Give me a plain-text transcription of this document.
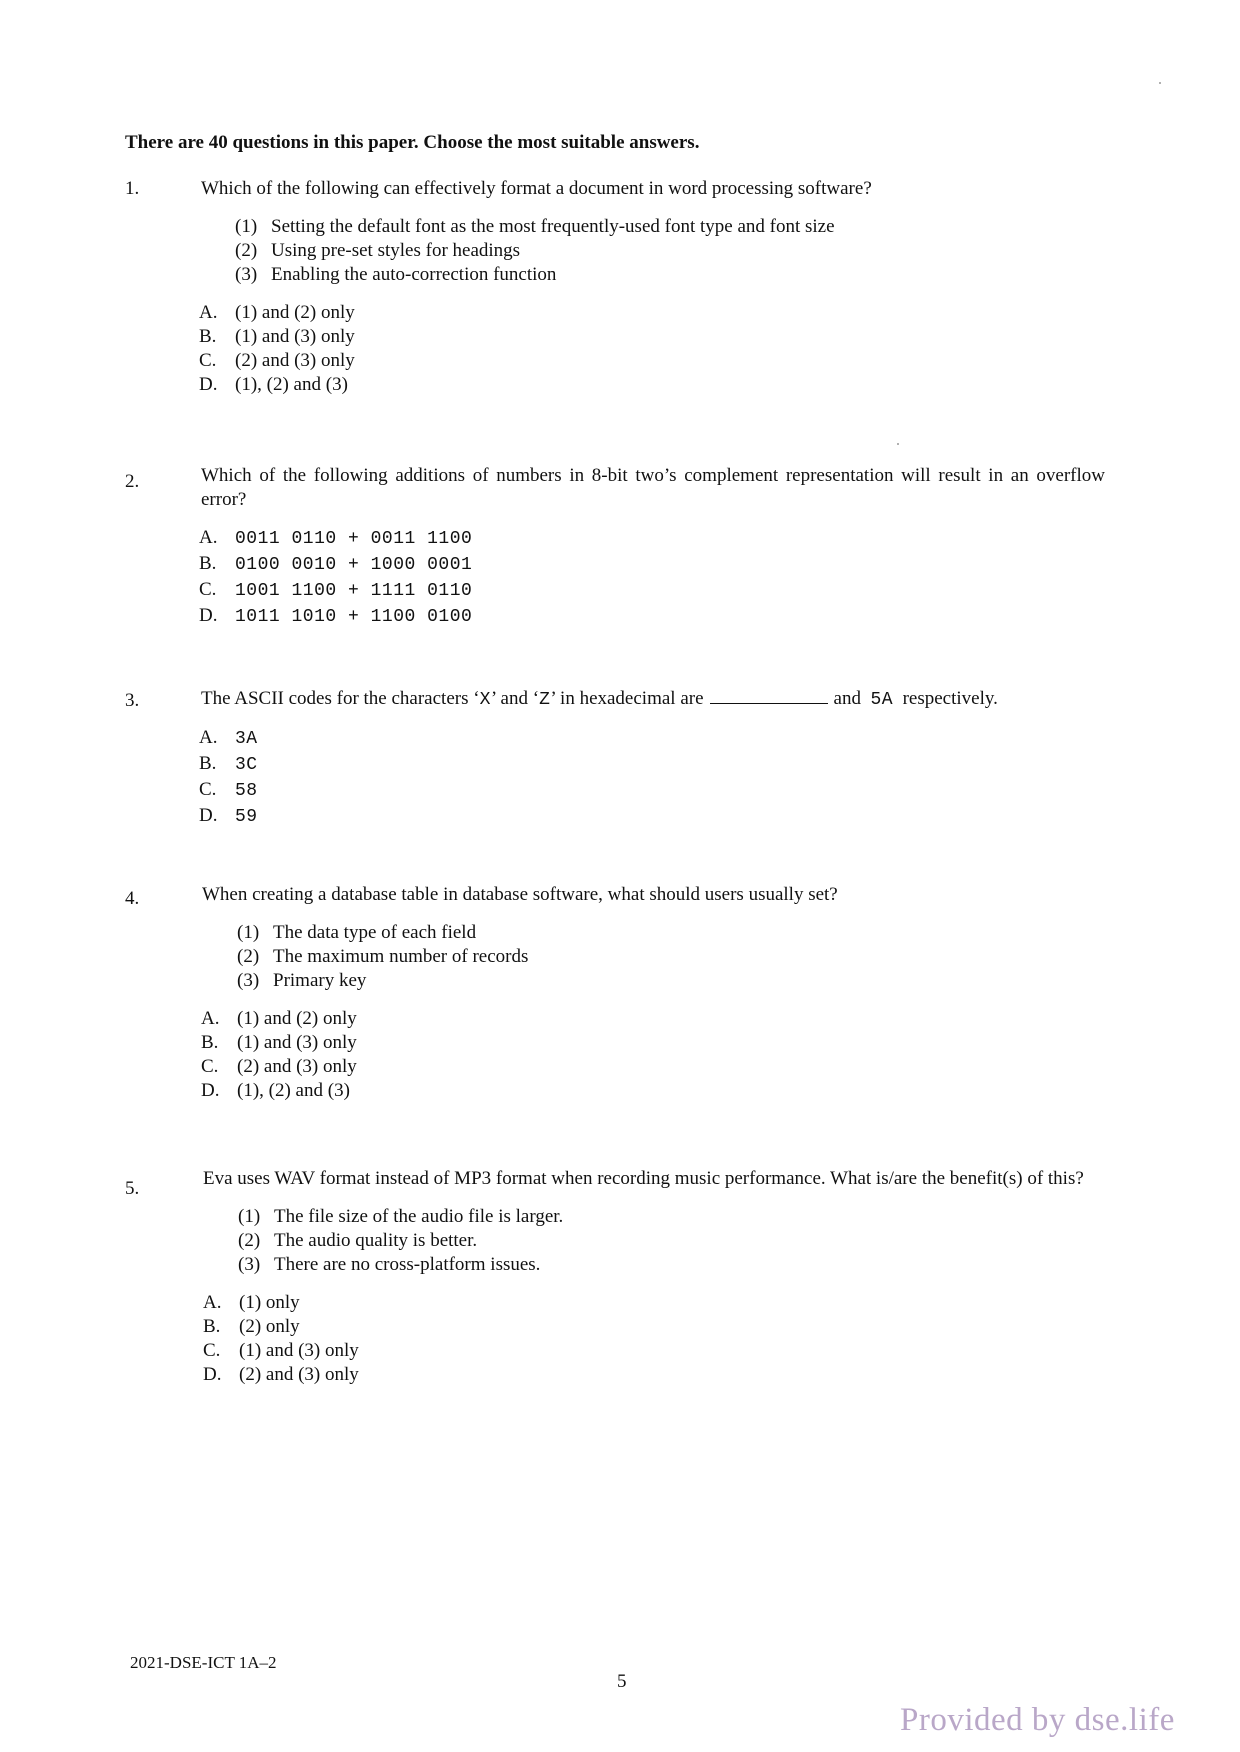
There are 40 questions in this paper. Choose the most suitable answers.
1.	Which of the following can effectively format a document in word processing software?
(1) Setting the default font as the most frequently-used font type and font size
(2) Using pre-set styles for headings
(3) Enabling the auto-correction function
A. (1) and (2) only
B. (1) and (3) only
C. (2) and (3) only
D. (1), (2) and (3)
2.	Which of the following additions of numbers in 8-bit two’s complement representation will result in an overflow error?
A. 0011 0110 + 0011 1100
B. 0100 0010 + 1000 0001
C. 1001 1100 + 1111 0110
D. 1011 1010 + 1100 0100
3.	The ASCII codes for the characters ‘X’ and ‘Z’ in hexadecimal are	and 5A respectively.
A. 3A
B. 3C
C. 58
D. 59
4.	When creating a database table in database software, what should users usually set?
(1) The data type of each field
(2) The maximum number of records
(3) Primary key
A. (1) and (2) only
B. (1) and (3) only
C. (2) and (3) only
D. (1), (2) and (3)
5.	Eva uses WAV format instead of MP3 format when recording music performance. What is/are the benefit(s) of this?
(1) The file size of the audio file is larger.
(2) The audio quality is better.
(3) There are no cross-platform issues.
A. (1) only
B. (2) only
C. (1) and (3) only
D. (2) and (3) only
2021-DSE-ICT 1A–2
5
Provided by dse.life
